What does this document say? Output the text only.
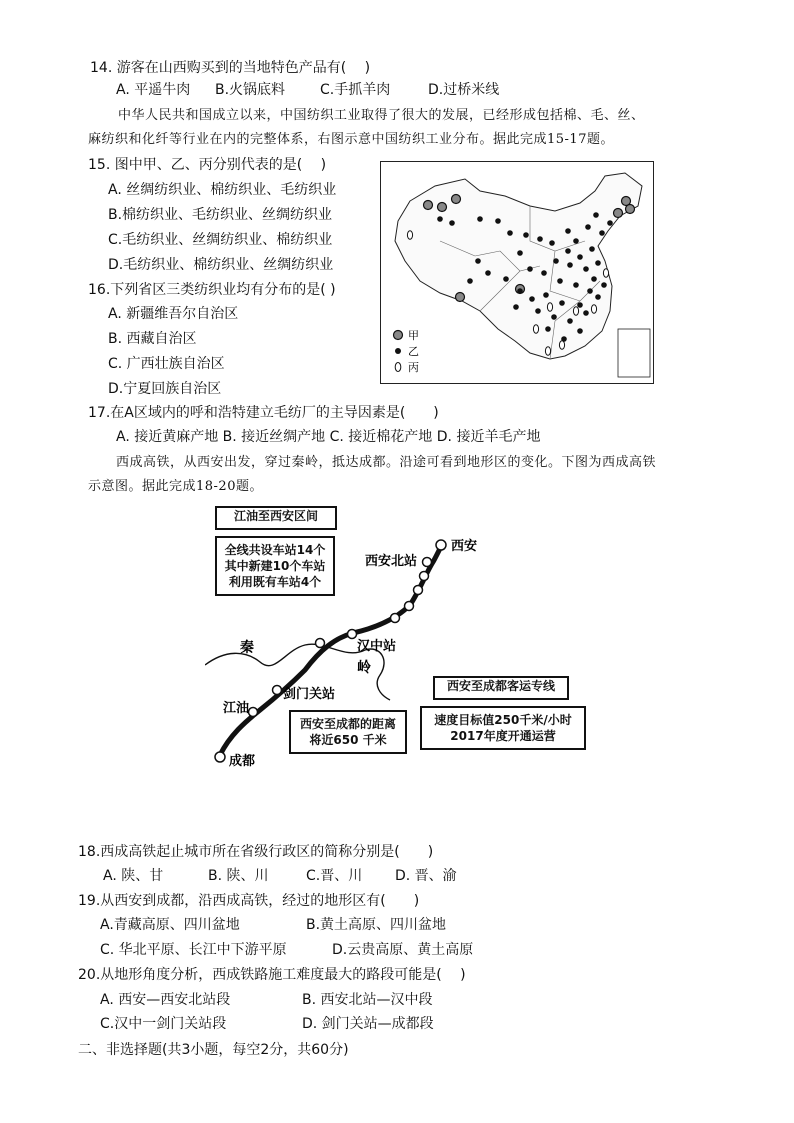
14. 游客在山西购买到的当地特色产品有(　 )
A. 平遥牛肉 B.火锅底料 C.手抓羊肉	D.过桥米线
中华人民共和国成立以来，中国纺织工业取得了很大的发展，已经形成包括棉、毛、丝、
麻纺织和化纤等行业在内的完整体系，右图示意中国纺织工业分布。据此完成15-17题。
15. 图中甲、乙、丙分别代表的是(　 )
A. 丝绸纺织业、棉纺织业、毛纺织业
B.棉纺织业、毛纺织业、丝绸纺织业
C.毛纺织业、丝绸纺织业、棉纺织业
D.毛纺织业、棉纺织业、丝绸纺织业
16.下列省区三类纺织业均有分布的是( )
A. 新疆维吾尔自治区
B. 西藏自治区
C. 广西壮族自治区
D.宁夏回族自治区
甲
乙
丙
17.在A区域内的呼和浩特建立毛纺厂的主导因素是(　　)
A. 接近黄麻产地 B. 接近丝绸产地 C. 接近棉花产地 D. 接近羊毛产地
西成高铁，从西安出发，穿过秦岭，抵达成都。沿途可看到地形区的变化。下图为西成高铁
示意图。据此完成18-20题。
西安
西安北站
汉中站
剑门关站
江油
成都
秦
岭
江油至西安区间
全线共设车站14个
其中新建10个车站
利用既有车站4个
西安至成都的距离
将近650 千米
西安至成都客运专线
速度目标值250千米/小时
2017年度开通运营
18.西成高铁起止城市所在省级行政区的简称分别是(　　)
A. 陕、甘	B. 陕、川	C.晋、川 D. 晋、渝
19.从西安到成都，沿西成高铁，经过的地形区有(　　)
A.青藏高原、四川盆地	B.黄土高原、四川盆地
C. 华北平原、长江中下游平原	D.云贵高原、黄土高原
20.从地形角度分析，西成铁路施工难度最大的路段可能是(　 )
A. 西安—西安北站段	B. 西安北站—汉中段
C.汉中一剑门关站段	D. 剑门关站—成都段
二、非选择题(共3小题，每空2分，共60分)
